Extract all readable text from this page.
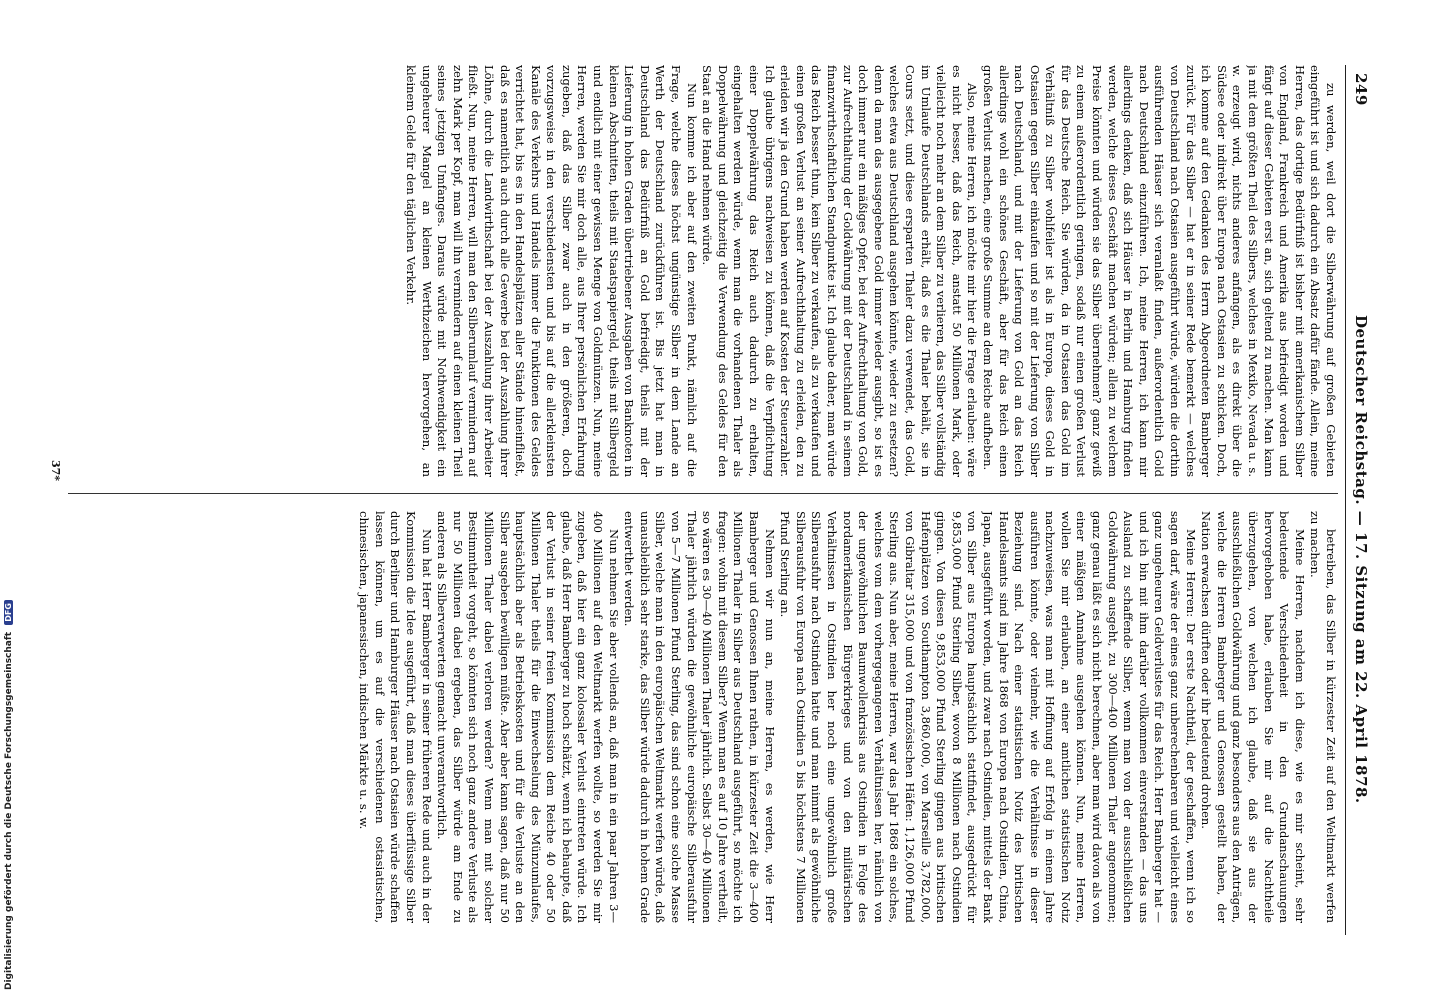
249
Deutscher Reichstag. — 17. Sitzung am 22. April 1878.

zu werden, weil dort die Silberwährung auf großen Gebieten eingeführt ist und sich dadurch ein Absatz dafür fände. Allein, meine Herren, das dortige Bedürfniß ist bisher mit amerikanischem Silber von England, Frankreich und Amerika aus befriedigt worden und fängt auf dieser Gebieten erst an, sich geltend zu machen. Man kann ja mit dem größten Theil des Silbers, welches in Mexiko, Nevada u. s. w. erzeugt wird, nichts anderes anfangen, als es direkt über die Südsee oder indirekt über Europa nach Ostasien zu schicken. Doch, ich komme auf den Gedanken des Herrn Abgeordneten Bamberger zurück. Für das Silber — hat er in seiner Rede bemerkt — welches von Deutschland nach Ostasien ausgeführt würde, würden die dorthin ausführenden Häuser sich veranlaßt finden, außerordentlich Gold nach Deutschland einzuführen. Ich, meine Herren, ich kann mir allerdings denken, daß sich Häuser in Berlin und Hamburg finden werden, welche dieses Geschäft machen würden; allein zu welchem Preise könnten und würden sie das Silber übernehmen? ganz gewiß zu einem außerordentlich geringen, sodaß nur einen großen Verlust für das Deutsche Reich. Sie würden, da in Ostasien das Gold im Verhältniß zu Silber wohlfeiler ist als in Europa, dieses Gold in Ostasien gegen Silber einkaufen und so mit der Lieferung von Silber nach Deutschland, und mit der Lieferung von Gold an das Reich allerdings wohl ein schönes Geschäft, aber für das Reich einen großen Verlust machen, eine große Summe an dem Reiche aufheben.

Also, meine Herren, ich möchte mir hier die Frage erlauben: wäre es nicht besser, daß das Reich, anstatt 50 Millionen Mark, oder vielleicht noch mehr an dem Silber zu verlieren, das Silber vollständig im Umlaufe Deutschlands erhält, daß es die Thaler behält, sie in Cours setzt, und diese ersparten Thaler dazu verwendet, das Gold, welches etwa aus Deutschland ausgehen könnte, wieder zu ersetzen? denn da man das ausgegebene Gold immer wieder ausgibt, so ist es doch immer nur ein mäßiges Opfer, bei der Aufrechthaltung von Gold, zur Aufrechthaltung der Goldwährung mit der Deutschland in seinem finanzwirthschaftlichen Standpunkte ist. Ich glaube daher, man würde das Reich besser thun, kein Silber zu verkaufen, als zu verkaufen und einen großen Verlust an seiner Aufrechthaltung zu erleiden, den zu erleiden wir ja den Grund haben werden auf Kosten der Steuerzahler. Ich glaube übrigens nachweisen zu können, daß die Verpflichtung einer Doppelwährung das Reich auch dadurch zu erhalten, eingehalten werden würde, wenn man die vorhandenen Thaler als Doppelwährung und gleichzeitig die Verwendung des Geldes für den Staat an die Hand nehmen würde.

Nun komme ich aber auf den zweiten Punkt, nämlich auf die Frage, welche dieses höchst ungünstige Silber in dem Lande an Werth der Deutschland zurückführen ist. Bis jetzt hat man in Deutschland das Bedürfniß an Gold befriedigt, theils mit der Lieferung in hohen Graden übertriebener Ausgaben von Banknoten in kleinen Abschnitten, theils mit Staatspapiergeld, theils mit Silbergeld und endlich mit einer gewissen Menge von Goldmünzen. Nun, meine Herren, werden Sie mir doch alle, aus Ihrer persönlichen Erfahrung zugeben, daß das Silber zwar auch in den größeren, doch vorzugsweise in den verschiedensten und bis auf die allerkleinsten Kanäle des Verkehrs und Handels immer die Funktionen des Geldes verrichtet hat, bis es in den Handelsplätzen aller Stände hineinfließt, daß es namentlich auch durch alle Gewerbe bei der Auszahlung ihrer Löhne, durch die Landwirthschaft bei der Auszahlung ihrer Arbeiter fließt. Nun, meine Herren, will man den Silberumlauf vermindern auf zehn Mark per Kopf, man will ihn vermindern auf einen kleinen Theil seines jetzigen Umfanges. Daraus würde mit Nothwendigkeit ein ungeheurer Mangel an kleinen Werthzeichen hervorgehen, an kleinem Gelde für den täglichen Verkehr.

betreiben, das Silber in kürzester Zeit auf den Weltmarkt werfen zu machen.

Meine Herren, nachdem ich diese, wie es mir scheint, sehr bedeutende Verschiedenheit in den Grundanschauungen hervorgehoben habe, erlauben Sie mir auf die Nachtheile überzugehen, von welchen ich glaube, daß sie aus der ausschließlichen Goldwährung und ganz besonders aus den Anträgen, welche die Herren Bamberger und Genossen gestellt haben, der Nation erwachsen dürften oder ihr bedeutend drohen.

Meine Herren: Der erste Nachtheil, der geschaffen, wenn ich so sagen darf, wäre der eines ganz unberechenbaren und vielleicht eines ganz ungeheuren Geldverlustes für das Reich. Herr Bamberger hat — und ich bin mit ihm darüber vollkommen einverstanden — das uns Ausland zu schaffende Silber, wenn man von der ausschließlichen Goldwährung ausgeht, zu 300—400 Millionen Thaler angenommen; ganz genau läßt es sich nicht berechnen, aber man wird davon als von einer mäßigen Annahme ausgehen können. Nun, meine Herren, wollen Sie mir erlauben, an einer amtlichen statistischen Notiz nachzuweisen, was man mit Hoffnung auf Erfolg in einem Jahre ausführen könnte, oder vielmehr, wie die Verhältnisse in dieser Beziehung sind. Nach einer statistischen Notiz des britischen Handelsamts sind im Jahre 1868 von Europa nach Ostindien, China, Japan, ausgeführt worden, und zwar nach Ostindien, mittels der Bank von Silber aus Europa hauptsächlich stattfindet, ausgedrückt für 9,853,000 Pfund Sterling Silber, wovon 8 Millionen nach Ostindien gingen. Von diesen 9,853,000 Pfund Sterling gingen aus britischen Hafenplätzen von Southampton 3,860,000, von Marseille 3,782,000, von Gibraltar 315,000 und von französischen Häfen: 1,126,000 Pfund Sterling aus. Nun aber, meine Herren, war das Jahr 1868 ein solches, welches vom dem vorhergegangenen Verhältnissen her, nämlich von der ungewöhnlichen Baumwollenkrisis aus Ostindien in Folge des nordamerikanischen Bürgerkrieges und von den militärischen Verhältnissen in Ostindien her noch eine ungewöhnlich große Silberausfuhr nach Ostindien hatte und man nimmt als gewöhnliche Silberausfuhr von Europa nach Ostindien 5 bis höchstens 7 Millionen Pfund Sterling an.

Nehmen wir nun an, meine Herren, es werden, wie Herr Bamberger und Genossen Ihnen rathen, in kürzester Zeit die 3—400 Millionen Thaler in Silber aus Deutschland ausgeführt, so möchte ich fragen: wohin mit diesem Silber? Wenn man es auf 10 Jahre vertheilt, so wären es 30—40 Millionen Thaler jährlich. Selbst 30—40 Millionen Thaler jährlich würden die gewöhnliche europäische Silberausfuhr von 5—7 Millionen Pfund Sterling, das sind schon eine solche Masse Silber, welche man in den europäischen Weltmarkt werfen würde, daß unausbleiblich sehr starke, das Silber würde dadurch in hohem Grade entwerthet werden.

Nun nehmen Sie aber vollends an, daß man in ein paar Jahren 3—400 Millionen auf den Weltmarkt werfen wollte, so werden Sie mir zugeben, daß hier ein ganz kolossaler Verlust eintreten würde. Ich glaube, daß Herr Bamberger zu hoch schätzt, wenn ich behaupte, daß der Verlust in seiner freien Kommission dem Reiche 40 oder 50 Millionen Thaler theils für die Einwechselung des Münzumlaufes, hauptsächlich aber als Betriebskosten und für die Verluste an den Silber ausgeben bewilligen müßte. Aber aber kann sagen, daß nur 50 Millionen Thaler dabei verloren werden? Wenn man mit solcher Bestimmtheit vorgeht, so könnten sich noch ganz andere Verluste als nur 50 Millionen dabei ergeben, das Silber würde am Ende zu anderen als Silberverwerten gemacht unverantwortlich.

Nun hat Herr Bamberger in seiner früheren Rede und auch in der Kommission die Idee ausgeführt, daß man dieses überflüssige Silber durch Berliner und Hamburger Häuser nach Ostasien würde schaffen lassen können, um es auf die verschiedenen ostasiatischen, chinesischen, japanesischen, indischen Märkte u. s. w.

37*
Digitalisierung gefördert durch die Deutsche Forschungsgemeinschaft DFG
